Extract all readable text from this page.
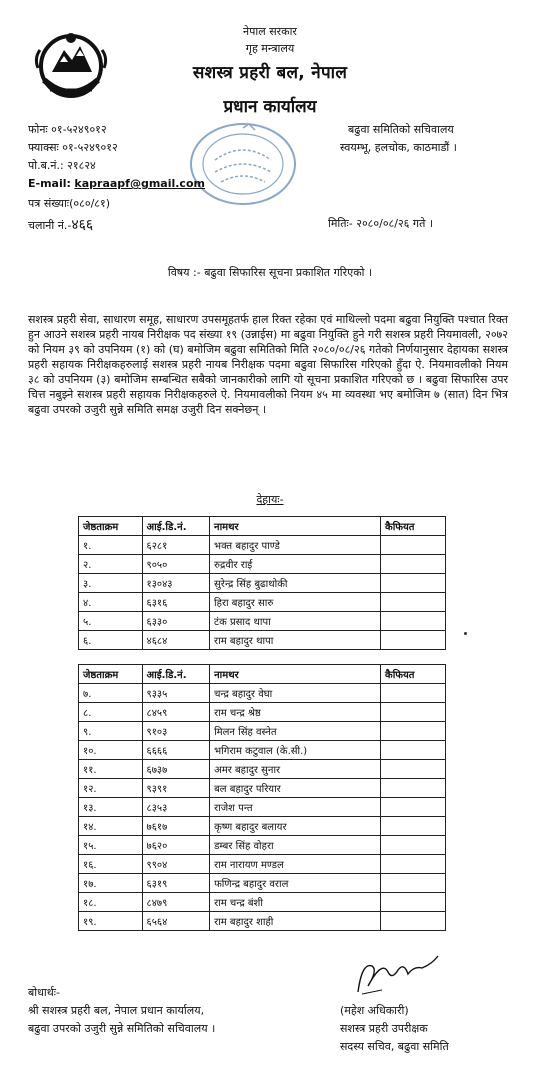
नेपाल सरकार
गृह मन्त्रालय
सशस्त्र प्रहरी बल, नेपाल
प्रधान कार्यालय
फोनः ०१-५२४९०१२
फ्याक्सः ०१-५२४९०१२
पो.ब.नं.: २१८२४
E-mail: kapraapf@gmail.com
पत्र संख्याः(०८०/८१)
चलानी नं.-४६६
बढुवा समितिको सचिवालय
स्वयम्भू, हलचोक, काठमाडौं ।
मितिः- २०८०/०८/२६ गते ।
विषय :- बढुवा सिफारिस सूचना प्रकाशित गरिएको ।
सशस्त्र प्रहरी सेवा, साधारण समूह, साधारण उपसमूहतर्फ हाल रिक्त रहेका एवं माथिल्लो पदमा बढुवा नियुक्ति पश्चात रिक्त हुन आउने सशस्त्र प्रहरी नायब निरीक्षक पद संख्या १९ (उन्नाईस) मा बढुवा नियुक्ति हुने गरी सशस्त्र प्रहरी नियमावली, २०७२ को नियम ३९ को उपनियम (१) को (घ) बमोजिम बढुवा समितिको मिति २०८०/०८/२६ गतेको निर्णयानुसार देहायका सशस्त्र प्रहरी सहायक निरीक्षकहरुलाई सशस्त्र प्रहरी नायब निरीक्षक पदमा बढुवा सिफारिस गरिएको हुँदा ऐ. नियमावलीको नियम ३८ को उपनियम (३) बमोजिम सम्बन्धित सबैको जानकारीको लागि यो सूचना प्रकाशित गरिएको छ । बढुवा सिफारिस उपर चित्त नबुझ्ने सशस्त्र प्रहरी सहायक निरीक्षकहरुले ऐ. नियमावलीको नियम ४५ मा व्यवस्था भए बमोजिम ७ (सात) दिन भित्र बढुवा उपरको उजुरी सुन्ने समिति समक्ष उजुरी दिन सक्नेछन् ।
देहायः-
जेष्ठताक्रम	आई.डि.नं.	नामथर	कैफियत
१.	६२८१	भक्त बहादुर पाण्डे	
२.	९०५०	रुद्रवीर राई	
३.	१३०४३	सुरेन्द्र सिंह बुढाथोकी	
४.	६३१६	हिरा बहादुर सारु	
५.	६३३०	टंक प्रसाद थापा	
६.	४६८४	राम बहादुर थापा	
जेष्ठताक्रम	आई.डि.नं.	नामथर	कैफियत
७.	९३३५	चन्द्र बहादुर वेघा	
८.	८४५९	राम चन्द्र श्रेष्ठ	
९.	९१०३	मिलन सिंह वस्नेत	
१०.	६६६६	भगिराम कटुवाल (के.सी.)	
११.	६७३७	अमर बहादुर सुनार	
१२.	९३९१	बल बहादुर परियार	
१३.	८३५३	राजेश पन्त	
१४.	७६१७	कृष्ण बहादुर बलायर	
१५.	७६२०	डम्बर सिंह वोहरा	
१६.	९९०४	राम नारायण मण्डल	
१७.	६३१९	फणिन्द्र बहादुर वराल	
१८.	८४७९	राम चन्द्र बंशी	
१९.	६५६४	राम बहादुर शाही	
बोधार्थः-
श्री सशस्त्र प्रहरी बल, नेपाल प्रधान कार्यालय,
बढुवा उपरको उजुरी सुन्ने समितिको सचिवालय ।
(महेश अधिकारी)
सशस्त्र प्रहरी उपरीक्षक
सदस्य सचिव, बढुवा समिति
